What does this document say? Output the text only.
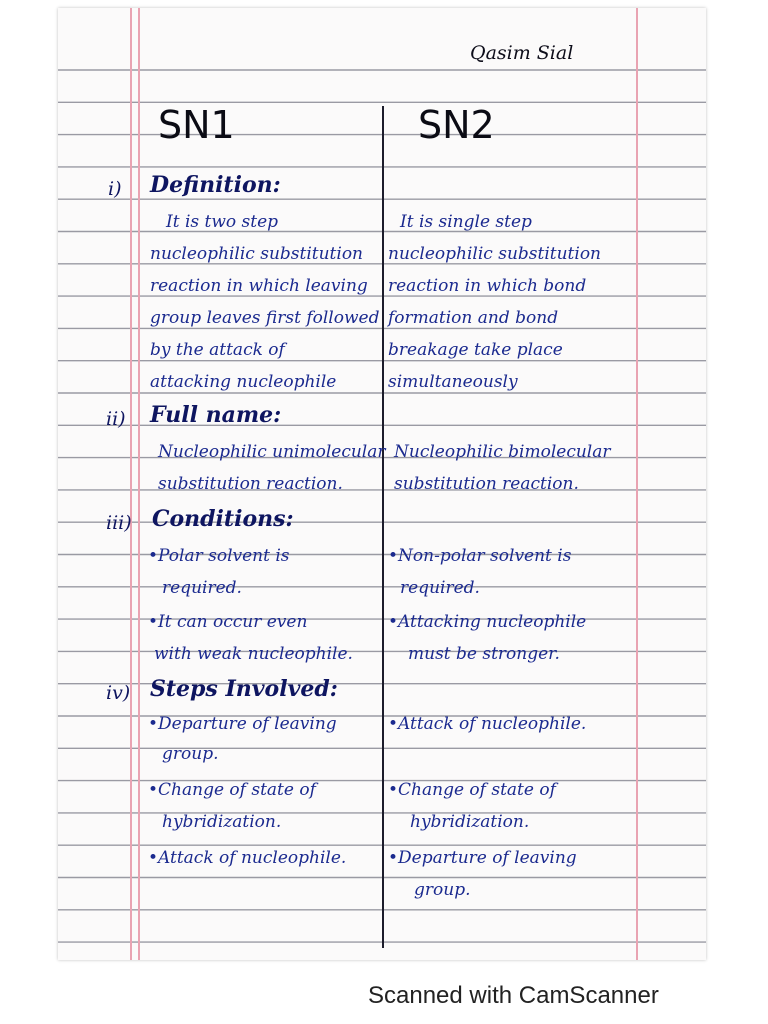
Qasim Sial
SN1	SN2
i) Definition:
It is two step
nucleophilic substitution
reaction in which leaving
group leaves first followed
by the attack of
attacking nucleophile
It is single step
nucleophilic substitution
reaction in which bond
formation and bond
breakage take place
simultaneously
ii) Full name:
Nucleophilic unimolecular
substitution reaction.
Nucleophilic bimolecular
substitution reaction.
iii) Conditions:
•Polar solvent is
required.
•It can occur even
with weak nucleophile.
•Non-polar solvent is
required.
•Attacking nucleophile
must be stronger.
iv) Steps Involved:
•Departure of leaving
group.
•Change of state of
hybridization.
•Attack of nucleophile.
•Attack of nucleophile.
•Change of state of
hybridization.
•Departure of leaving
group.
Scanned with CamScanner
